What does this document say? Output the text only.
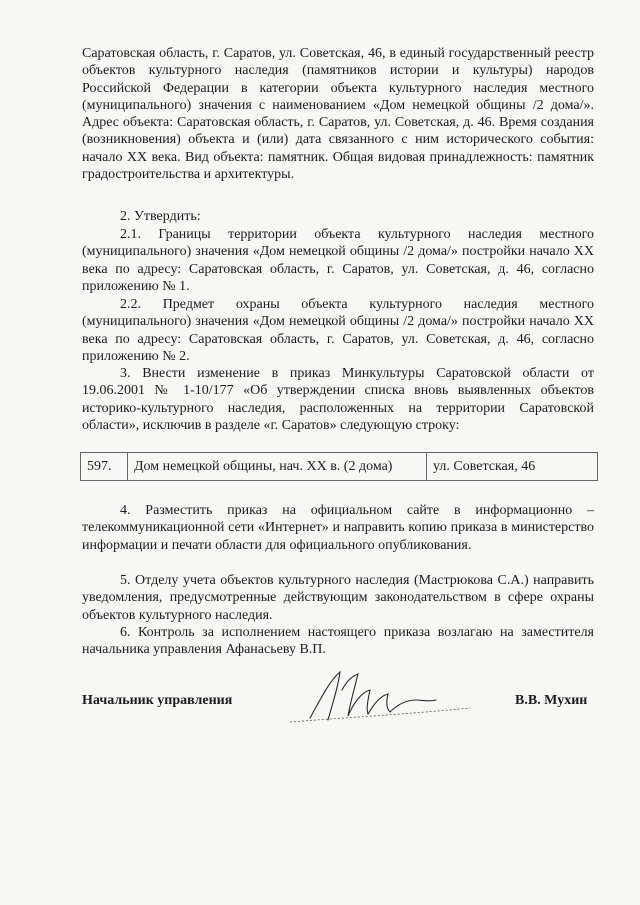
Саратовская область, г. Саратов, ул. Советская, 46, в единый государственный реестр объектов культурного наследия (памятников истории и культуры) народов Российской Федерации в категории объекта культурного наследия местного (муниципального) значения с наименованием «Дом немецкой общины /2 дома/». Адрес объекта: Саратовская область, г. Саратов, ул. Советская, д. 46. Время создания (возникновения) объекта и (или) дата связанного с ним исторического события: начало XX века. Вид объекта: памятник. Общая видовая принадлежность: памятник градостроительства и архитектуры.

2. Утвердить:

2.1. Границы территории объекта культурного наследия местного (муниципального) значения «Дом немецкой общины /2 дома/» постройки начало XX века по адресу: Саратовская область, г. Саратов, ул. Советская, д. 46, согласно приложению № 1.

2.2. Предмет охраны объекта культурного наследия местного (муниципального) значения «Дом немецкой общины /2 дома/» постройки начало XX века по адресу: Саратовская область, г. Саратов, ул. Советская, д. 46, согласно приложению № 2.

3. Внести изменение в приказ Минкультуры Саратовской области от 19.06.2001 № 1-10/177 «Об утверждении списка вновь выявленных объектов историко-культурного наследия, расположенных на территории Саратовской области», исключив в разделе «г. Саратов» следующую строку:

597.	Дом немецкой общины, нач. XX в. (2 дома)	ул. Советская, 46

4. Разместить приказ на официальном сайте в информационно – телекоммуникационной сети «Интернет» и направить копию приказа в министерство информации и печати области для официального опубликования.

5. Отделу учета объектов культурного наследия (Мастрюкова С.А.) направить уведомления, предусмотренные действующим законодательством в сфере охраны объектов культурного наследия.

6. Контроль за исполнением настоящего приказа возлагаю на заместителя начальника управления Афанасьеву В.П.

Начальник управления	В.В. Мухин
